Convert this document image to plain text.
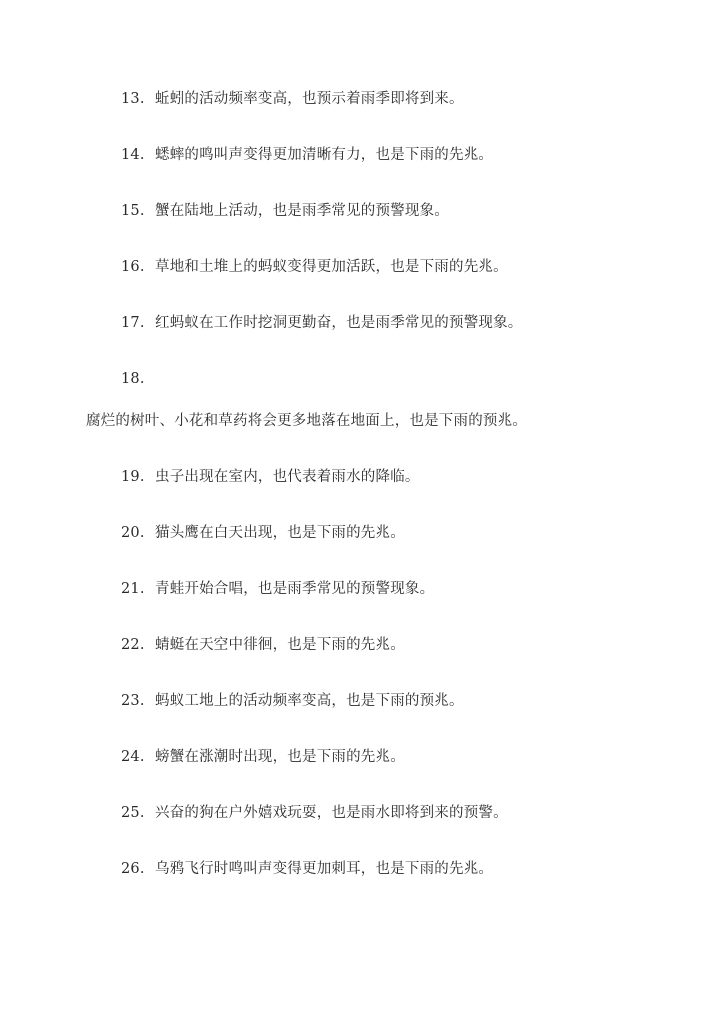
13. 蚯蚓的活动频率变高，也预示着雨季即将到来。
14. 蟋蟀的鸣叫声变得更加清晰有力，也是下雨的先兆。
15. 蟹在陆地上活动，也是雨季常见的预警现象。
16. 草地和土堆上的蚂蚁变得更加活跃，也是下雨的先兆。
17. 红蚂蚁在工作时挖洞更勤奋，也是雨季常见的预警现象。
18.
腐烂的树叶、小花和草药将会更多地落在地面上，也是下雨的预兆。
19. 虫子出现在室内，也代表着雨水的降临。
20. 猫头鹰在白天出现，也是下雨的先兆。
21. 青蛙开始合唱，也是雨季常见的预警现象。
22. 蜻蜓在天空中徘徊，也是下雨的先兆。
23. 蚂蚁工地上的活动频率变高，也是下雨的预兆。
24. 螃蟹在涨潮时出现，也是下雨的先兆。
25. 兴奋的狗在户外嬉戏玩耍，也是雨水即将到来的预警。
26. 乌鸦飞行时鸣叫声变得更加刺耳，也是下雨的先兆。
